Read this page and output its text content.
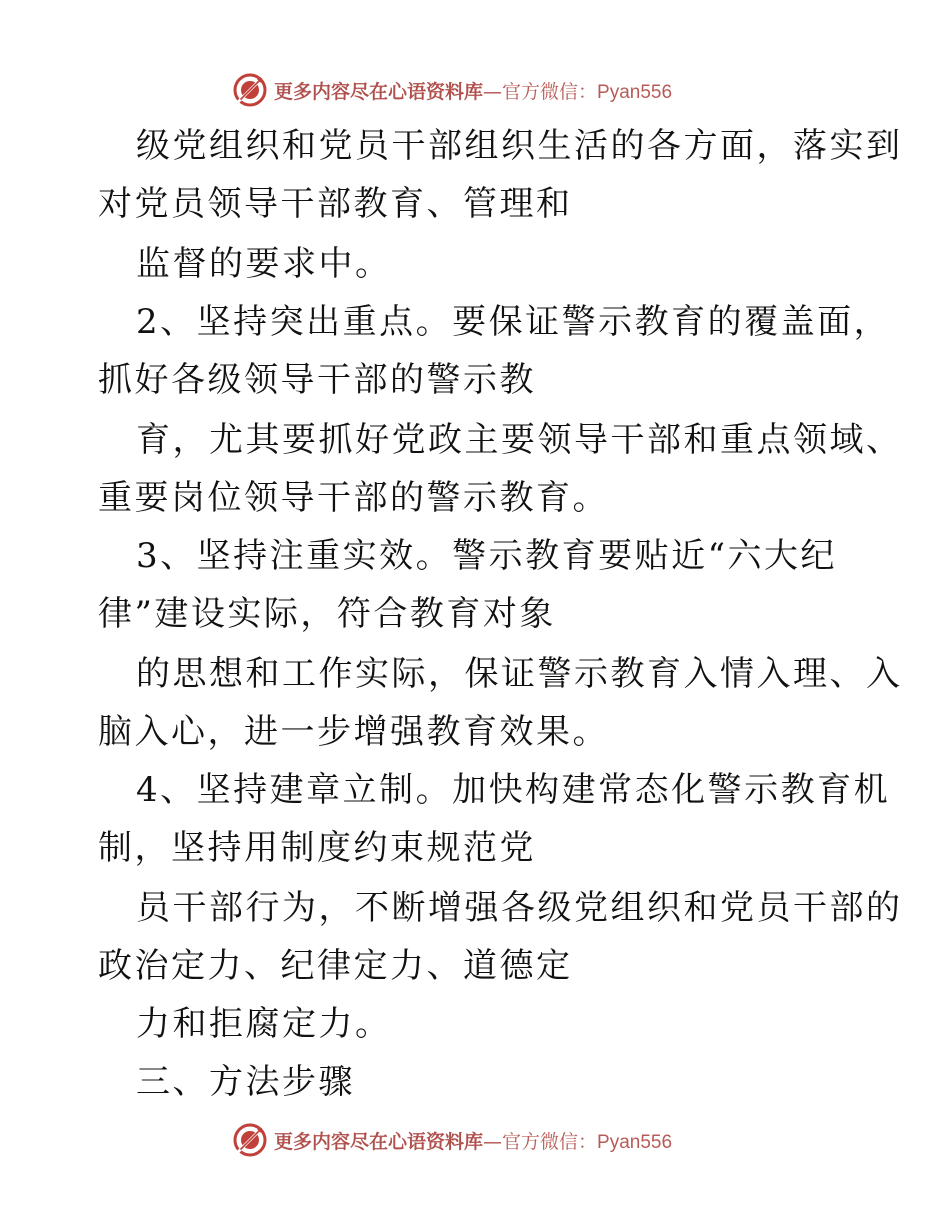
更多内容尽在心语资料库—官方微信：Pyan556
级党组织和党员干部组织生活的各方面，落实到
对党员领导干部教育、管理和
监督的要求中。
2、坚持突出重点。要保证警示教育的覆盖面，
抓好各级领导干部的警示教
育，尤其要抓好党政主要领导干部和重点领域、
重要岗位领导干部的警示教育。
3、坚持注重实效。警示教育要贴近“六大纪
律”建设实际，符合教育对象
的思想和工作实际，保证警示教育入情入理、入
脑入心，进一步增强教育效果。
4、坚持建章立制。加快构建常态化警示教育机
制，坚持用制度约束规范党
员干部行为，不断增强各级党组织和党员干部的
政治定力、纪律定力、道德定
力和拒腐定力。
三、方法步骤
更多内容尽在心语资料库—官方微信：Pyan556
